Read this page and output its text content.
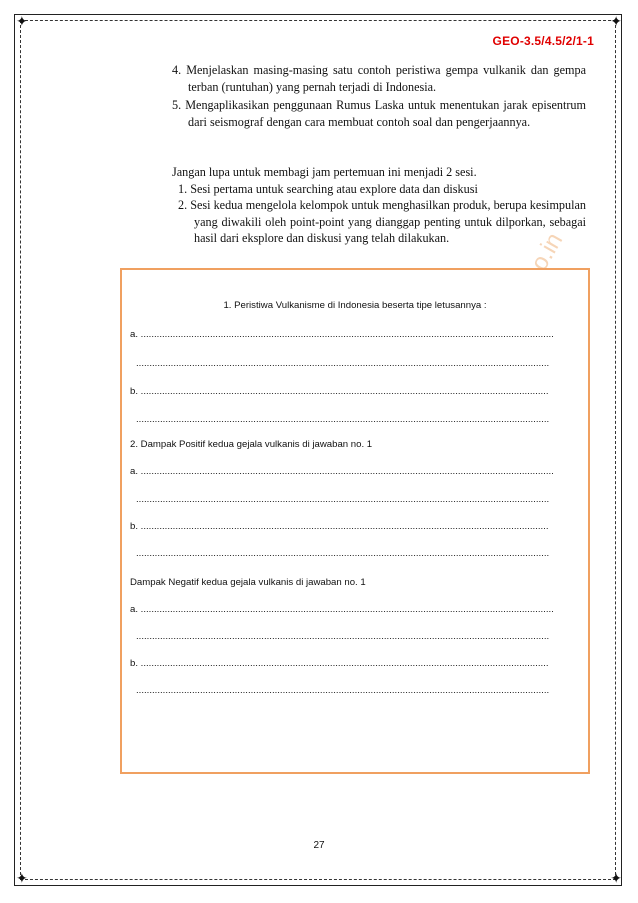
✦	✦
✦	✦
GEO-3.5/4.5/2/1-1

4. Menjelaskan masing-masing satu contoh peristiwa gempa vulkanik dan gempa terban (runtuhan) yang pernah terjadi di Indonesia.

5. Mengaplikasikan penggunaan Rumus Laska untuk menentukan jarak episentrum dari seismograf dengan cara membuat contoh soal dan pengerjaannya.

Jangan lupa untuk membagi jam pertemuan ini menjadi 2 sesi.

1. Sesi pertama untuk searching atau explore data dan diskusi

2. Sesi kedua mengelola kelompok untuk menghasilkan produk, berupa kesimpulan yang diwakili oleh point-point yang dianggap penting untuk dilporkan, sebagai hasil dari eksplore dan diskusi yang telah dilakukan.	o.in
1. Peristiwa Vulkanisme di Indonesia beserta tipe letusannya :
a. ...........................................................................................................................................................
...........................................................................................................................................................
b. .........................................................................................................................................................
...........................................................................................................................................................
2. Dampak Positif kedua gejala vulkanis di jawaban no. 1
a. ...........................................................................................................................................................
...........................................................................................................................................................
b. .........................................................................................................................................................
...........................................................................................................................................................
Dampak Negatif kedua gejala vulkanis di jawaban no. 1
a. ...........................................................................................................................................................
...........................................................................................................................................................
b. .........................................................................................................................................................
...........................................................................................................................................................
27
